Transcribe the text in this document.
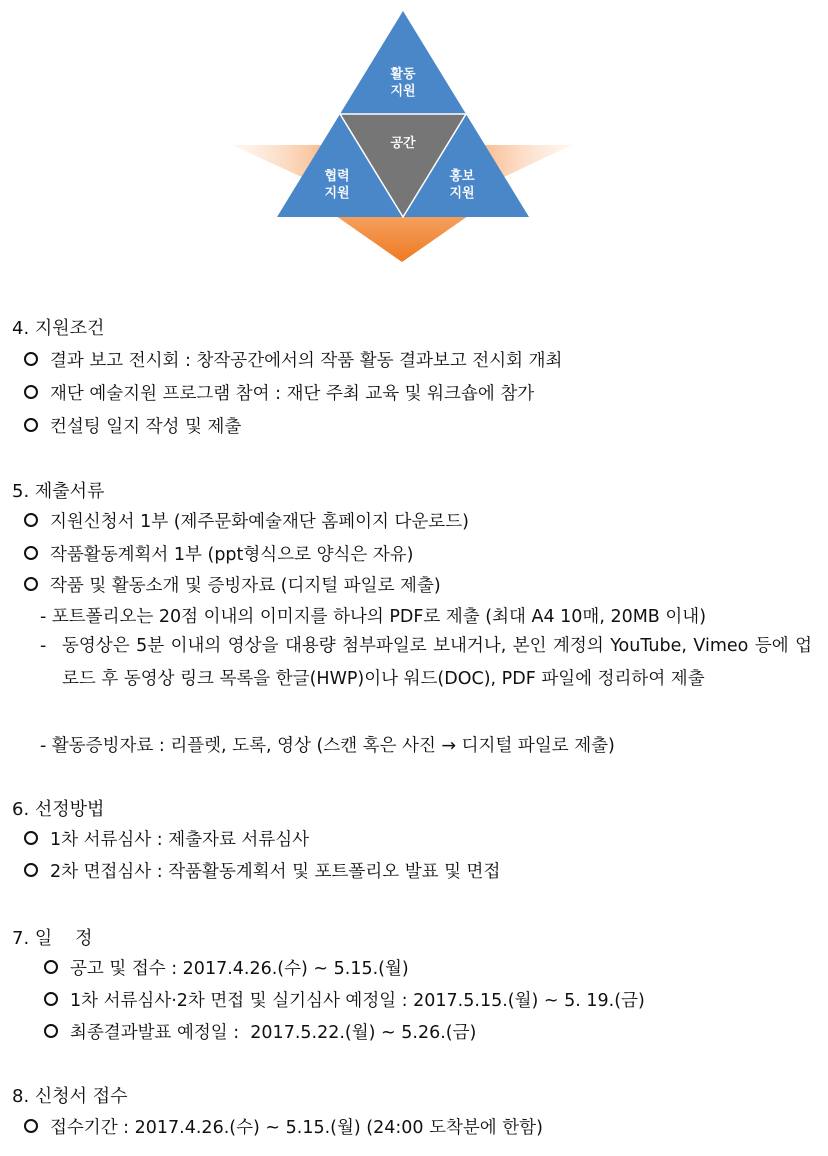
활동
지원
공간
협력
지원
홍보
지원
4. 지원조건
결과 보고 전시회 : 창작공간에서의 작품 활동 결과보고 전시회 개최
재단 예술지원 프로그램 참여 : 재단 주최 교육 및 워크숍에 참가
컨설팅 일지 작성 및 제출
5. 제출서류
지원신청서 1부 (제주문화예술재단 홈페이지 다운로드)
작품활동계획서 1부 (ppt형식으로 양식은 자유)
작품 및 활동소개 및 증빙자료 (디지털 파일로 제출)
- 포트폴리오는 20점 이내의 이미지를 하나의 PDF로 제출 (최대 A4 10매, 20MB 이내)
- 동영상은 5분 이내의 영상을 대용량 첨부파일로 보내거나, 본인 계정의 YouTube, Vimeo 등에 업로드 후 동영상 링크 목록을 한글(HWP)이나 워드(DOC), PDF 파일에 정리하여 제출
- 활동증빙자료 : 리플렛, 도록, 영상 (스캔 혹은 사진 → 디지털 파일로 제출)
6. 선정방법
1차 서류심사 : 제출자료 서류심사
2차 면접심사 : 작품활동계획서 및 포트폴리오 발표 및 면접
7. 일    정
공고 및 접수 : 2017.4.26.(수) ~ 5.15.(월)
1차 서류심사·2차 면접 및 실기심사 예정일 : 2017.5.15.(월) ~ 5. 19.(금)
최종결과발표 예정일 :  2017.5.22.(월) ~ 5.26.(금)
8. 신청서 접수
접수기간 : 2017.4.26.(수) ~ 5.15.(월) (24:00 도착분에 한함)
